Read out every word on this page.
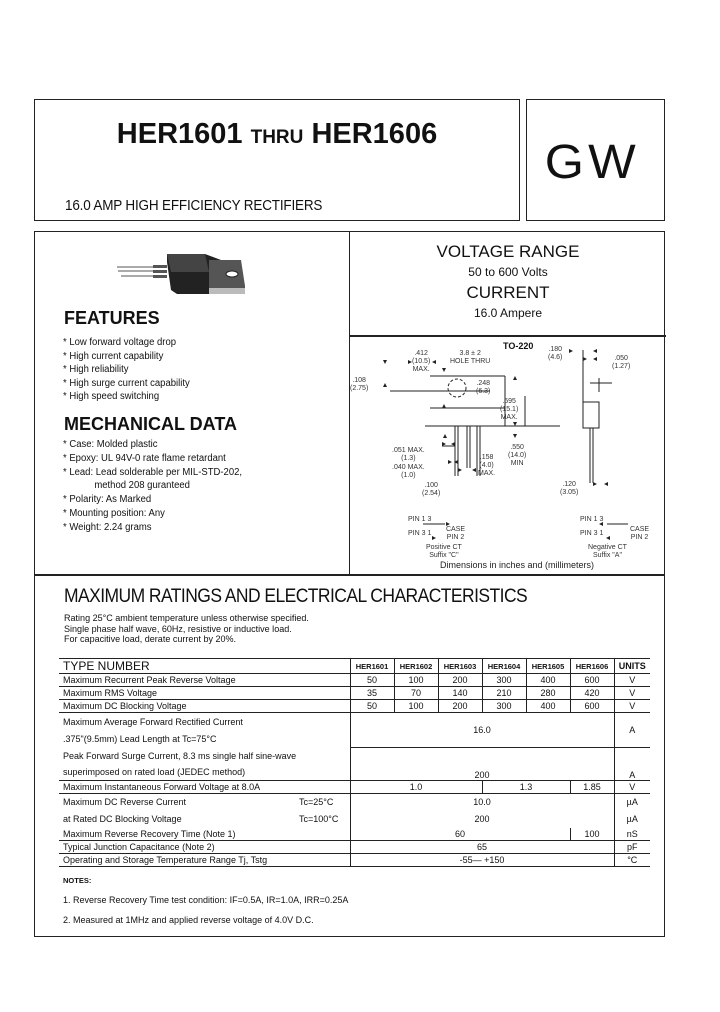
HER1601 THRU HER1606
16.0 AMP HIGH EFFICIENCY RECTIFIERS
GW
FEATURES
* Low forward voltage drop
* High current capability
* High reliability
* High surge current capability
* High speed switching
MECHANICAL DATA
* Case: Molded plastic
* Epoxy: UL 94V-0 rate flame retardant
* Lead: Lead solderable per MIL-STD-202,
method 208 guranteed
* Polarity: As Marked
* Mounting position: Any
* Weight: 2.24 grams
VOLTAGE RANGE
50 to 600 Volts
CURRENT
16.0 Ampere
TO-220
.412
(10.5)
MAX.
3.8 ± 2
HOLE THRU
.108
(2.75)
.248
(6.3)
.595
(15.1)
MAX.
.051 MAX.
(1.3)
.040 MAX.
(1.0)
.158
(4.0)
MAX.
.550
(14.0)
MIN
.100
(2.54)
.180
(4.6)	.050
(1.27)
.120
(3.05)
PIN 1 3
PIN 3 1
CASE
PIN 2
Positive CT
Suffix "C"
PIN 1 3
PIN 3 1
CASE
PIN 2
Negative CT
Suffix "A"
Dimensions in inches and (millimeters)
MAXIMUM RATINGS AND ELECTRICAL CHARACTERISTICS
Rating 25°C ambient temperature unless otherwise specified.
Single phase half wave, 60Hz, resistive or inductive load.
For capacitive load, derate current by 20%.
TYPE NUMBER	HER1601	HER1602	HER1603	HER1604	HER1605	HER1606	UNITS
Maximum Recurrent Peak Reverse Voltage	50	100	200	300	400	600	V
Maximum RMS Voltage	35	70	140	210	280	420	V
Maximum DC Blocking Voltage	50	100	200	300	400	600	V
Maximum Average Forward Rectified Current	16.0						A
.375"(9.5mm) Lead Length at Tc=75°C							
Peak Forward Surge Current, 8.3 ms single half sine-wave	200						A
superimposed on rated load (JEDEC method)							
Maximum Instantaneous Forward Voltage at 8.0A	1.0			1.3		1.85	V
Maximum DC Reverse Current Tc=25°C	10.0						µA
at Rated DC Blocking Voltage Tc=100°C	200						µA
Maximum Reverse Recovery Time (Note 1)	60					100	nS
Typical Junction Capacitance (Note 2)	65						pF
Operating and Storage Temperature Range Tj, Tstg	-55— +150						°C
NOTES:

1. Reverse Recovery Time test condition: IF=0.5A, IR=1.0A, IRR=0.25A

2. Measured at 1MHz and applied reverse voltage of 4.0V D.C.
